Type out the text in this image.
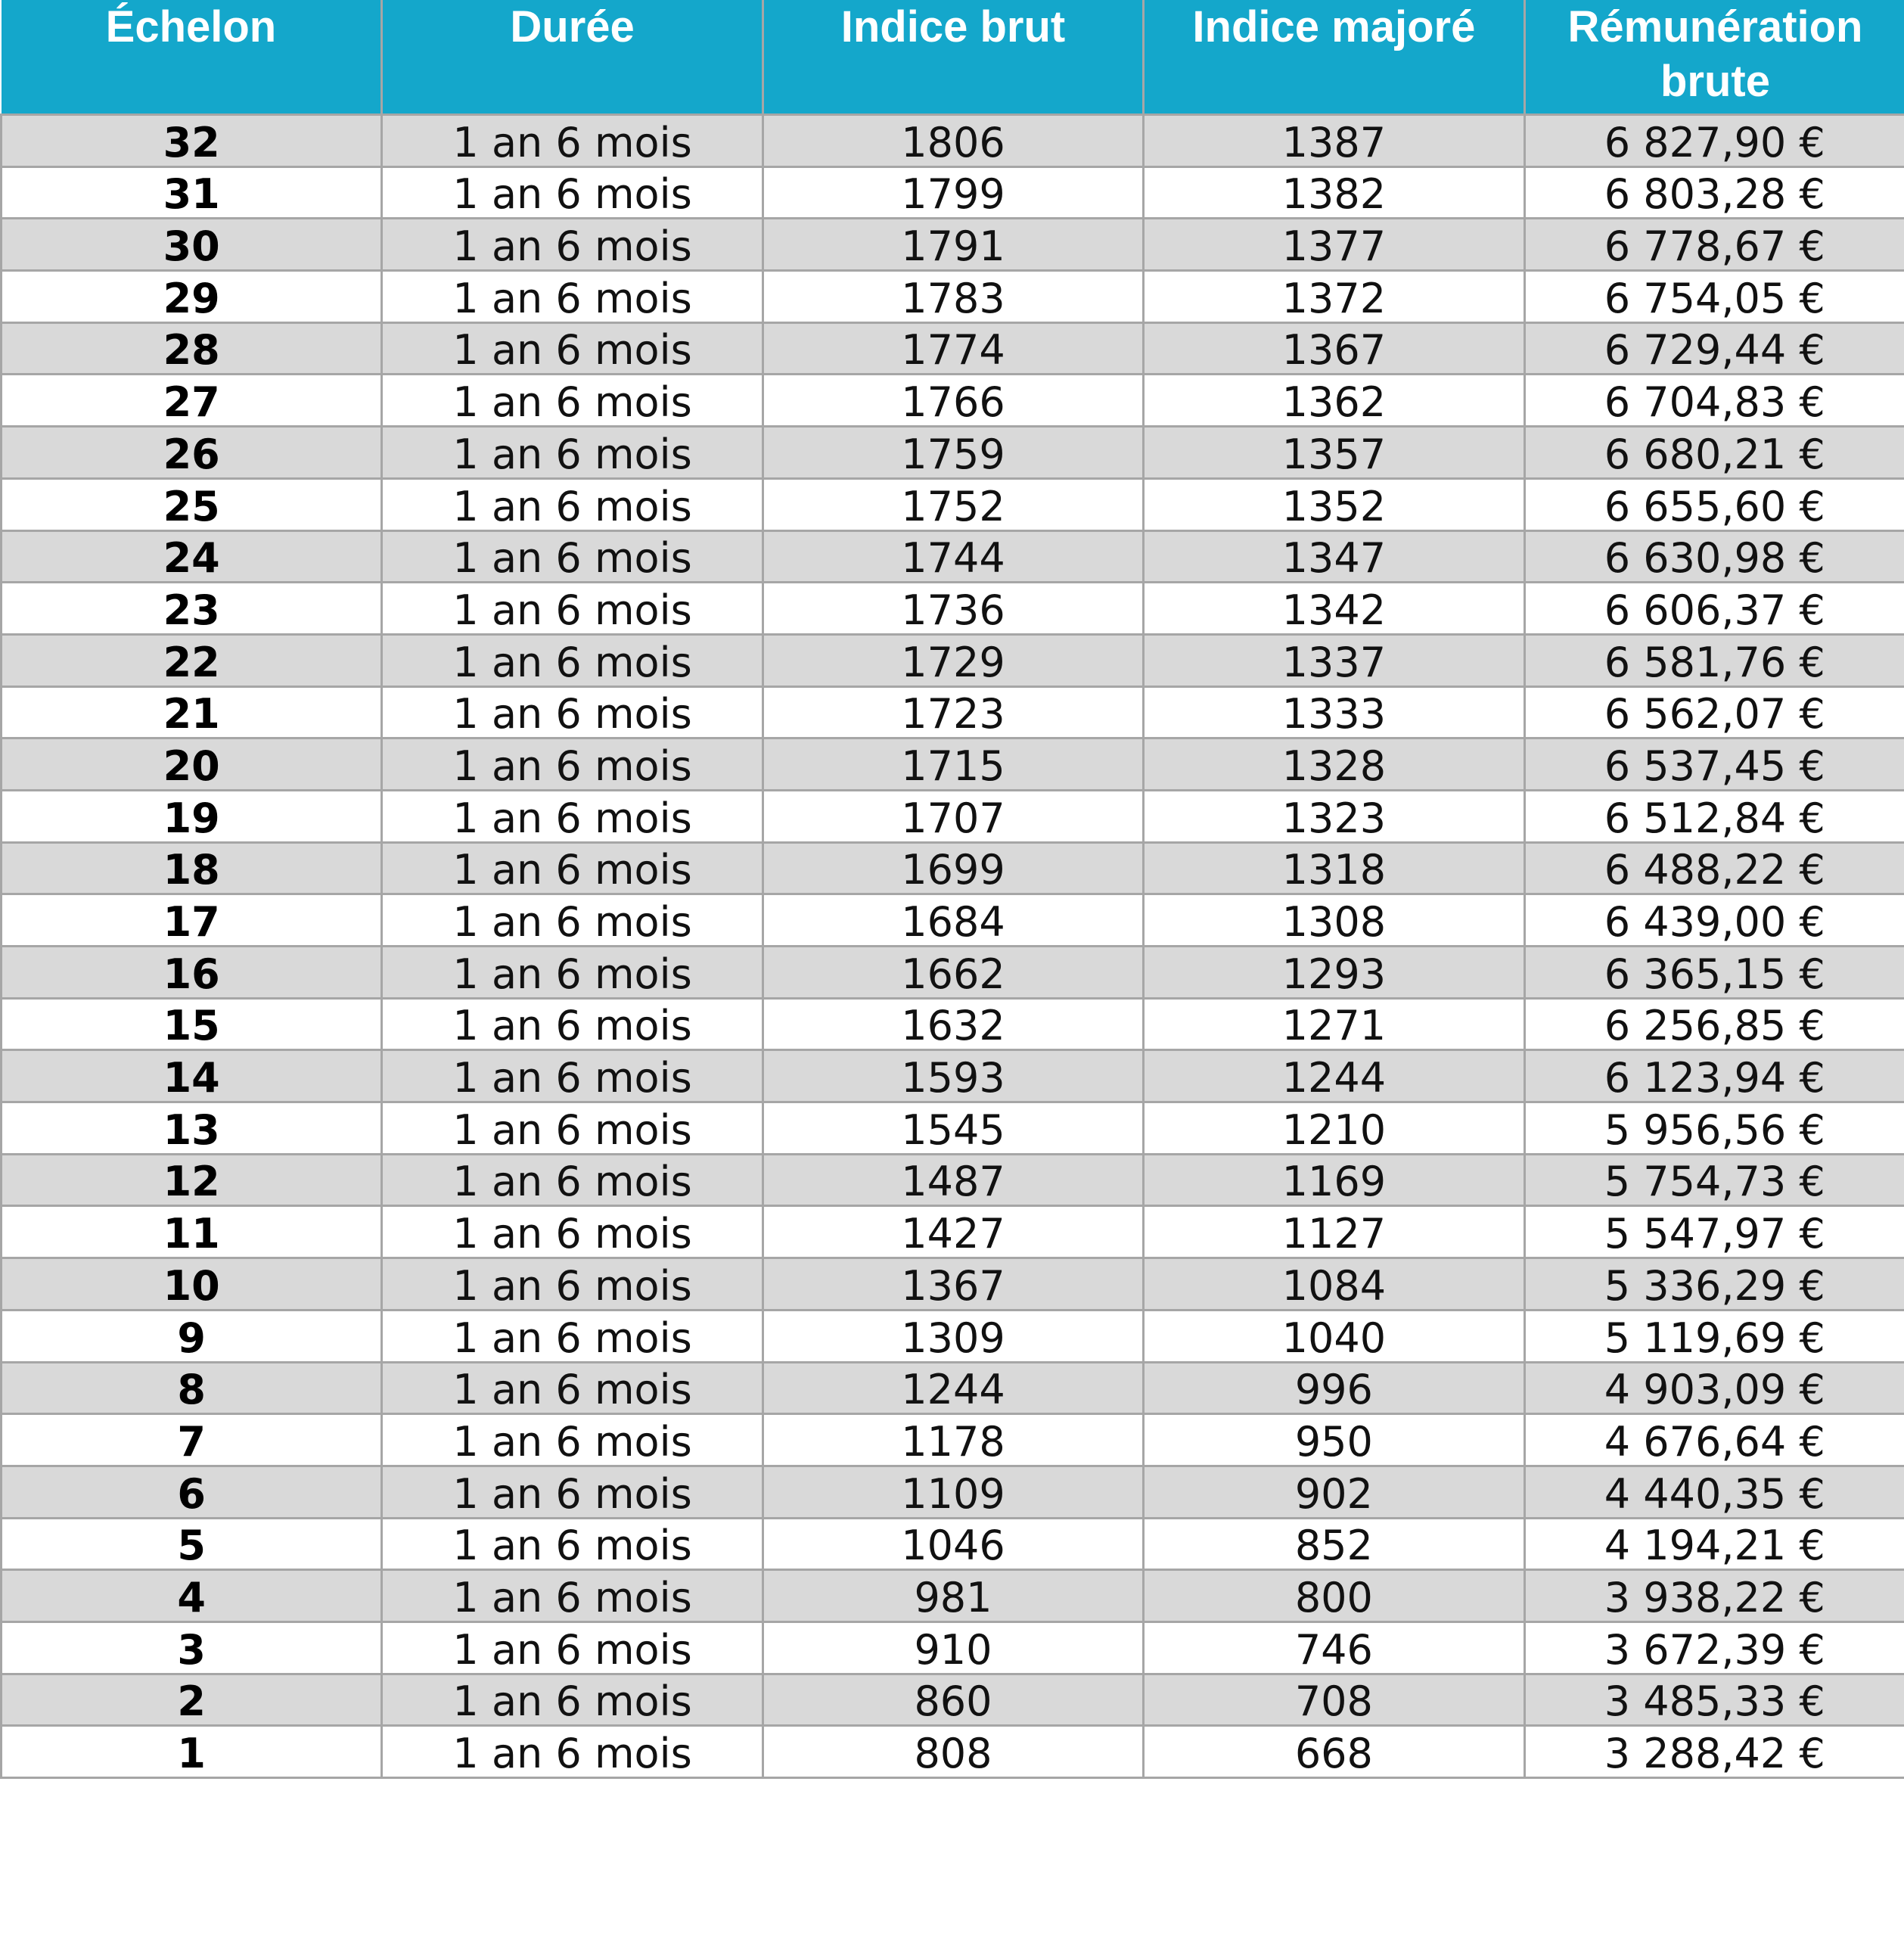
Échelon	Durée	Indice brut	Indice majoré	Rémunération brute
32	1 an 6 mois	1806	1387	6 827,90 €
31	1 an 6 mois	1799	1382	6 803,28 €
30	1 an 6 mois	1791	1377	6 778,67 €
29	1 an 6 mois	1783	1372	6 754,05 €
28	1 an 6 mois	1774	1367	6 729,44 €
27	1 an 6 mois	1766	1362	6 704,83 €
26	1 an 6 mois	1759	1357	6 680,21 €
25	1 an 6 mois	1752	1352	6 655,60 €
24	1 an 6 mois	1744	1347	6 630,98 €
23	1 an 6 mois	1736	1342	6 606,37 €
22	1 an 6 mois	1729	1337	6 581,76 €
21	1 an 6 mois	1723	1333	6 562,07 €
20	1 an 6 mois	1715	1328	6 537,45 €
19	1 an 6 mois	1707	1323	6 512,84 €
18	1 an 6 mois	1699	1318	6 488,22 €
17	1 an 6 mois	1684	1308	6 439,00 €
16	1 an 6 mois	1662	1293	6 365,15 €
15	1 an 6 mois	1632	1271	6 256,85 €
14	1 an 6 mois	1593	1244	6 123,94 €
13	1 an 6 mois	1545	1210	5 956,56 €
12	1 an 6 mois	1487	1169	5 754,73 €
11	1 an 6 mois	1427	1127	5 547,97 €
10	1 an 6 mois	1367	1084	5 336,29 €
9	1 an 6 mois	1309	1040	5 119,69 €
8	1 an 6 mois	1244	996	4 903,09 €
7	1 an 6 mois	1178	950	4 676,64 €
6	1 an 6 mois	1109	902	4 440,35 €
5	1 an 6 mois	1046	852	4 194,21 €
4	1 an 6 mois	981	800	3 938,22 €
3	1 an 6 mois	910	746	3 672,39 €
2	1 an 6 mois	860	708	3 485,33 €
1	1 an 6 mois	808	668	3 288,42 €
